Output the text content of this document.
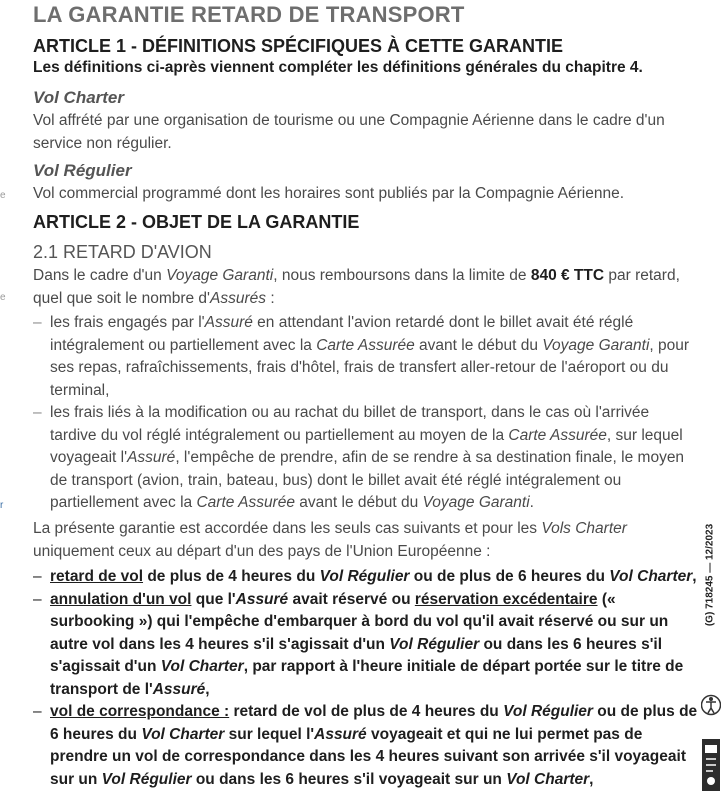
e
e
r
LA GARANTIE RETARD DE TRANSPORT
ARTICLE 1 - DÉFINITIONS SPÉCIFIQUES À CETTE GARANTIE
Les définitions ci-après viennent compléter les définitions générales du chapitre 4.
Vol Charter
Vol affrété par une organisation de tourisme ou une Compagnie Aérienne dans le cadre d'un service non régulier.
Vol Régulier
Vol commercial programmé dont les horaires sont publiés par la Compagnie Aérienne.
ARTICLE 2 - OBJET DE LA GARANTIE
2.1 RETARD D'AVION
Dans le cadre d'un Voyage Garanti, nous remboursons dans la limite de 840 € TTC par retard, quel que soit le nombre d'Assurés :
– les frais engagés par l'Assuré en attendant l'avion retardé dont le billet avait été réglé intégralement ou partiellement avec la Carte Assurée avant le début du Voyage Garanti, pour ses repas, rafraîchissements, frais d'hôtel, frais de transfert aller-retour de l'aéroport ou du terminal,
– les frais liés à la modification ou au rachat du billet de transport, dans le cas où l'arrivée tardive du vol réglé intégralement ou partiellement au moyen de la Carte Assurée, sur lequel voyageait l'Assuré, l'empêche de prendre, afin de se rendre à sa destination finale, le moyen de transport (avion, train, bateau, bus) dont le billet avait été réglé intégralement ou partiellement avec la Carte Assurée avant le début du Voyage Garanti.
La présente garantie est accordée dans les seuls cas suivants et pour les Vols Charter uniquement ceux au départ d'un des pays de l'Union Européenne :
– retard de vol de plus de 4 heures du Vol Régulier ou de plus de 6 heures du Vol Charter,
– annulation d'un vol que l'Assuré avait réservé ou réservation excédentaire (« surbooking ») qui l'empêche d'embarquer à bord du vol qu'il avait réservé ou sur un autre vol dans les 4 heures s'il s'agissait d'un Vol Régulier ou dans les 6 heures s'il s'agissait d'un Vol Charter, par rapport à l'heure initiale de départ portée sur le titre de transport de l'Assuré,
– vol de correspondance : retard de vol de plus de 4 heures du Vol Régulier ou de plus de 6 heures du Vol Charter sur lequel l'Assuré voyageait et qui ne lui permet pas de prendre un vol de correspondance dans les 4 heures suivant son arrivée s'il voyageait sur un Vol Régulier ou dans les 6 heures s'il voyageait sur un Vol Charter,
(G) 718245 — 12/2023
